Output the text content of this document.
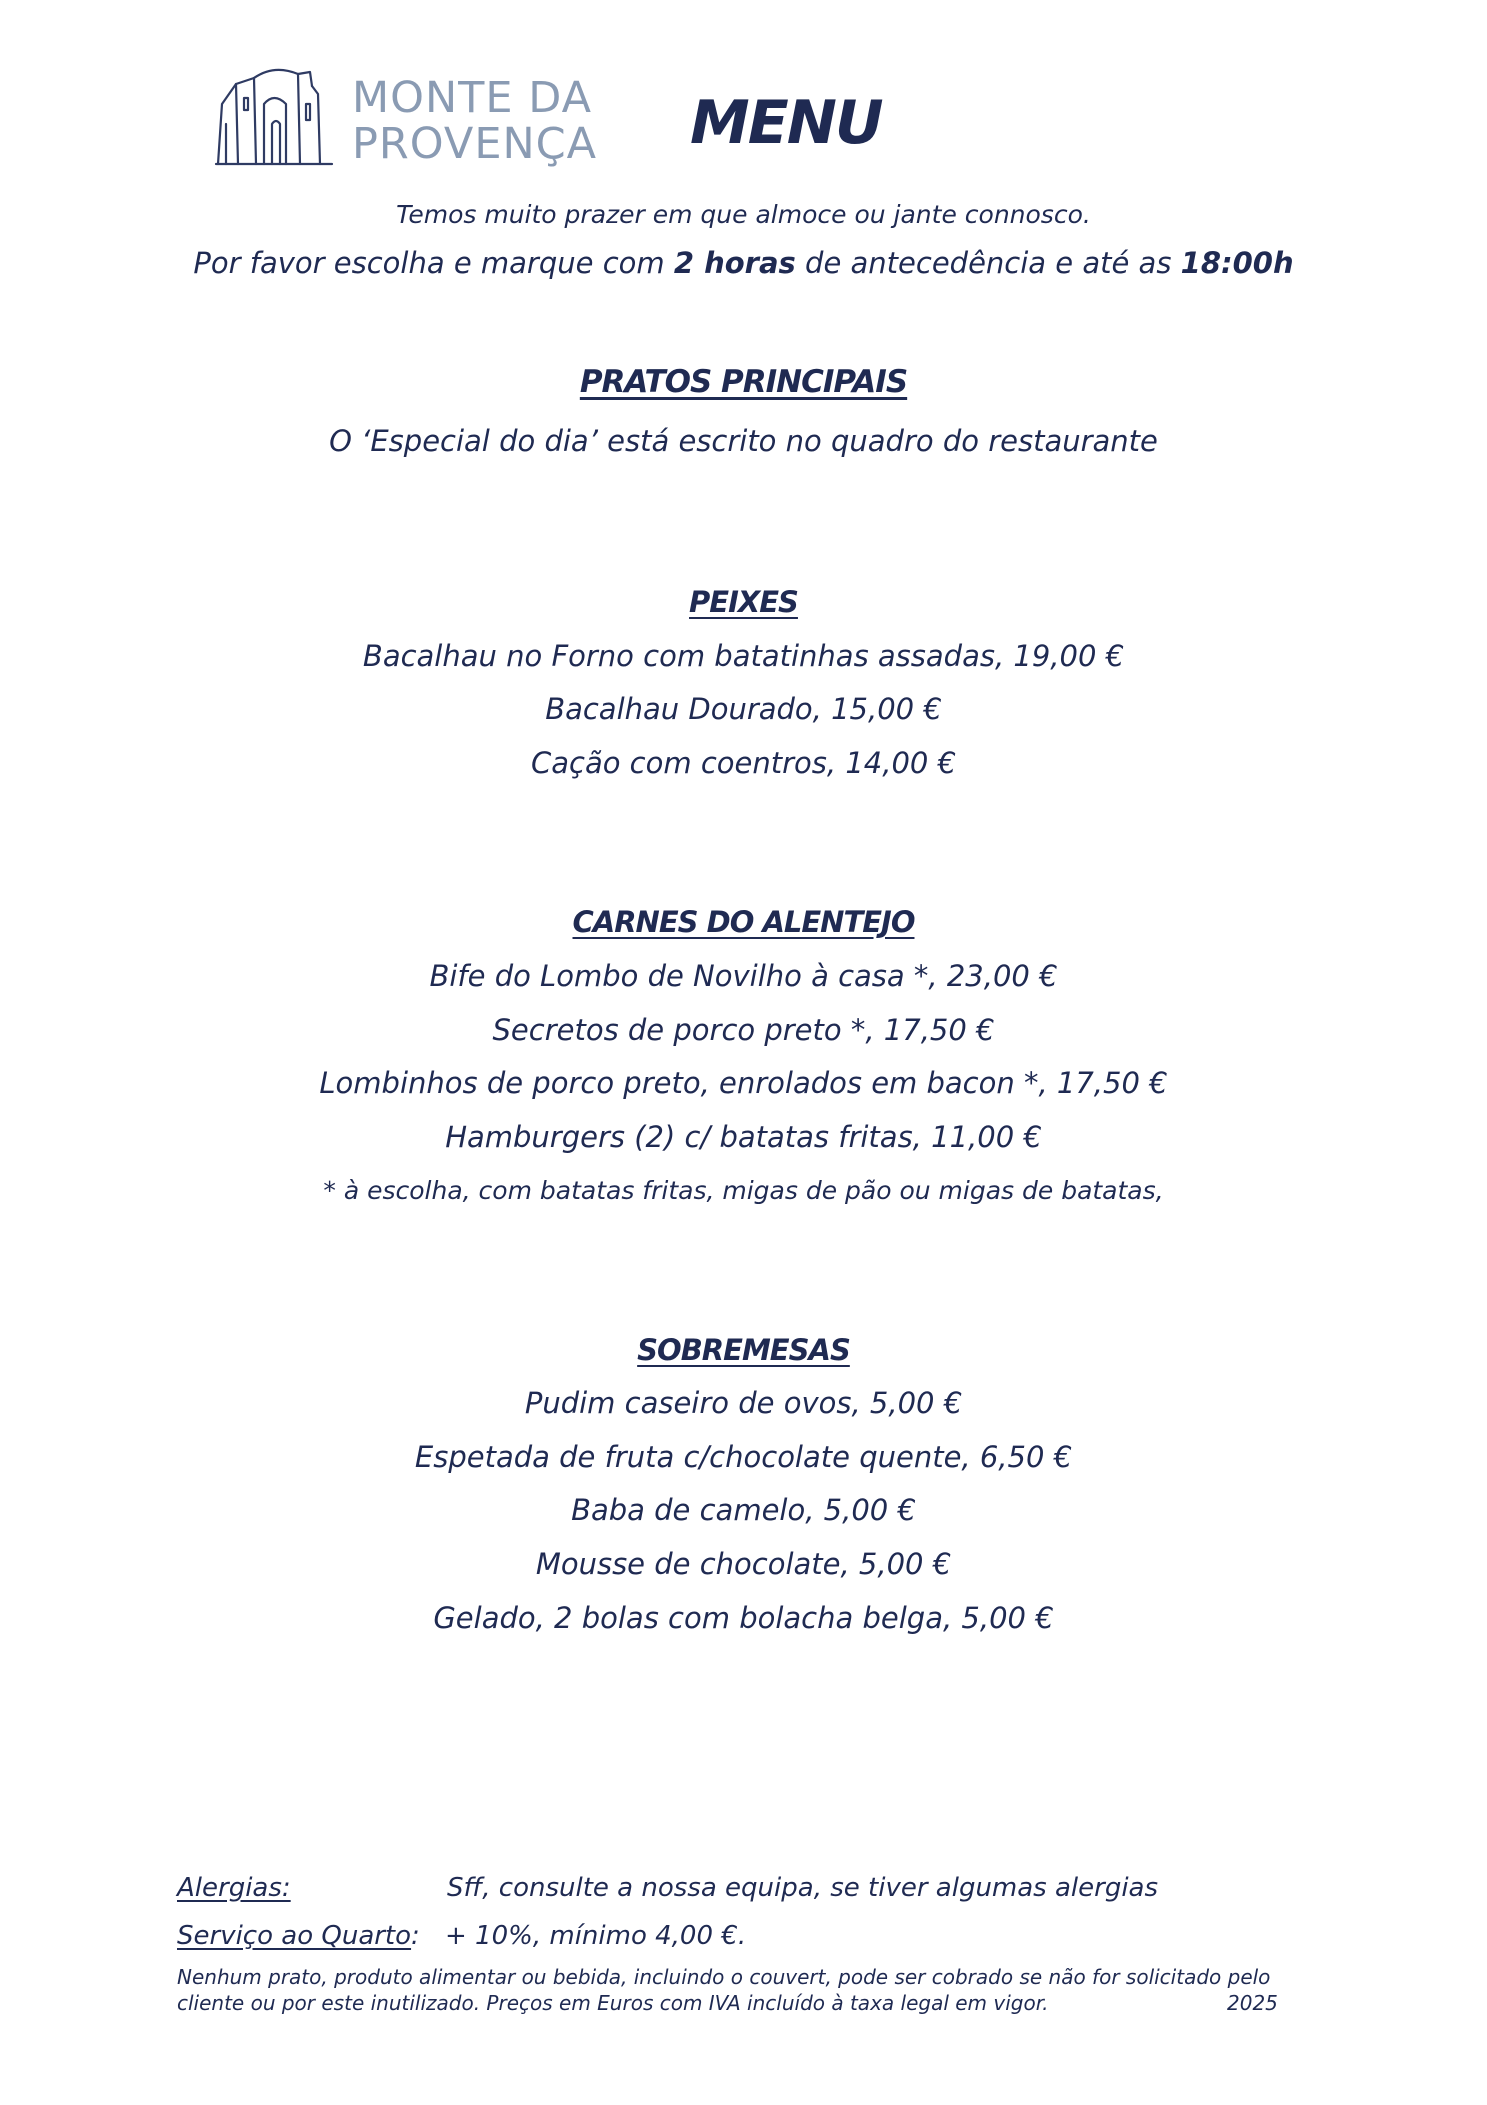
MONTE DA
PROVENÇA MENU
Temos muito prazer em que almoce ou jante connosco.
Por favor escolha e marque com 2 horas de antecedência e até as 18:00h
PRATOS PRINCIPAIS
O ‘Especial do dia’ está escrito no quadro do restaurante
PEIXES
Bacalhau no Forno com batatinhas assadas, 19,00 €
Bacalhau Dourado, 15,00 €
Cação com coentros, 14,00 €
CARNES DO ALENTEJO
Bife do Lombo de Novilho à casa *, 23,00 €
Secretos de porco preto *, 17,50 €
Lombinhos de porco preto, enrolados em bacon *, 17,50 €
Hamburgers (2) c/ batatas fritas, 11,00 €
* à escolha, com batatas fritas, migas de pão ou migas de batatas,
SOBREMESAS
Pudim caseiro de ovos, 5,00 €
Espetada de fruta c/chocolate quente, 6,50 €
Baba de camelo, 5,00 €
Mousse de chocolate, 5,00 €
Gelado, 2 bolas com bolacha belga, 5,00 €
Alergias:	Sff, consulte a nossa equipa, se tiver algumas alergias
Serviço ao Quarto: + 10%, mínimo 4,00 €.
Nenhum prato, produto alimentar ou bebida, incluindo o couvert, pode ser cobrado se não for solicitado pelo cliente ou por este inutilizado. Preços em Euros com IVA incluído à taxa legal em vigor.	2025
